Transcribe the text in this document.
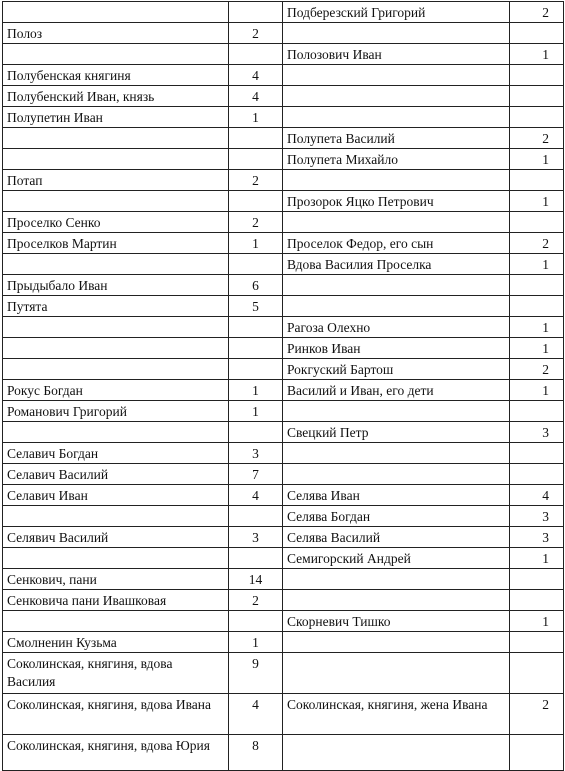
		Подберезский Григорий	2
Полоз	2		
		Полозович Иван	1
Полубенская княгиня	4		
Полубенский Иван, князь	4		
Полупетин Иван	1		
		Полупета Василий	2
		Полупета Михайло	1
Потап	2		
		Прозорок Яцко Петрович	1
Проселко Сенко	2		
Проселков Мартин	1	Проселок Федор, его сын	2
		Вдова Василия Проселка	1
Прыдыбало Иван	6		
Путята	5		
		Рагоза Олехно	1
		Ринков Иван	1
		Рокгуский Бартош	2
Рокус Богдан	1	Василий и Иван, его дети	1
Романович Григорий	1		
		Свецкий Петр	3
Селавич Богдан	3		
Селавич Василий	7		
Селавич Иван	4	Селява Иван	4
		Селява Богдан	3
Селявич Василий	3	Селява Василий	3
		Семигорский Андрей	1
Сенкович, пани	14		
Сенковича пани Ивашковая	2		
		Скорневич Тишко	1
Смолненин Кузьма	1		
Соколинская, княгиня, вдова Василия	9		
Соколинская, княгиня, вдова Ивана	4	Соколинская, княгиня, жена Ивана	2
Соколинская, княгиня, вдова Юрия	8		
